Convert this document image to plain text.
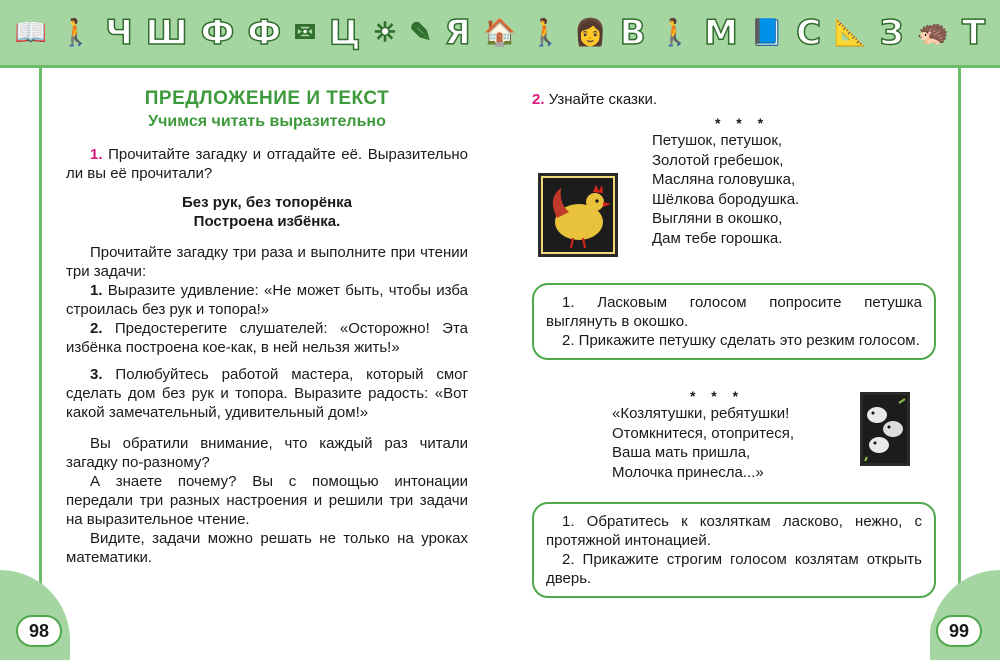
📖 🚶 Ч Ш Ф Ф ✉ Ц ☀ ✎ Я 🏠 🚶 👩 B 🚶 M 📘 C 📐 З 🦔 T
98	99
ПРЕДЛОЖЕНИЕ И ТЕКСТ
Учимся читать выразительно

1. Прочитайте загадку и отгадайте её. Выразительно ли вы её прочитали?

Без рук, без топорёнка
Построена избёнка.

Прочитайте загадку три раза и выполните при чтении три задачи:

1. Выразите удивление: «Не может быть, чтобы изба строилась без рук и топора!»

2. Предостерегите слушателей: «Осторожно! Эта избёнка построена кое-как, в ней нельзя жить!»

3. Полюбуйтесь работой мастера, который смог сделать дом без рук и топора. Выразите радость: «Вот какой замечательный, удивительный дом!»

Вы обратили внимание, что каждый раз читали загадку по-разному?

А знаете почему? Вы с помощью интонации передали три разных настроения и решили три задачи на выразительное чтение.

Видите, задачи можно решать не только на уроках математики.

2. Узнайте сказки.

* * *

Петушок, петушок,

Золотой гребешок,

Масляна головушка,

Шёлкова бородушка.

Выгляни в окошко,

Дам тебе горошка.

1. Ласковым голосом попросите петушка выглянуть в окошко.

2. Прикажите петушку сделать это резким голосом.

* * *

«Козлятушки, ребятушки!

Отомкнитеся, отопритеся,

Ваша мать пришла,

Молочка принесла...»

1. Обратитесь к козляткам ласково, нежно, с протяжной интонацией.

2. Прикажите строгим голосом козлятам открыть дверь.
